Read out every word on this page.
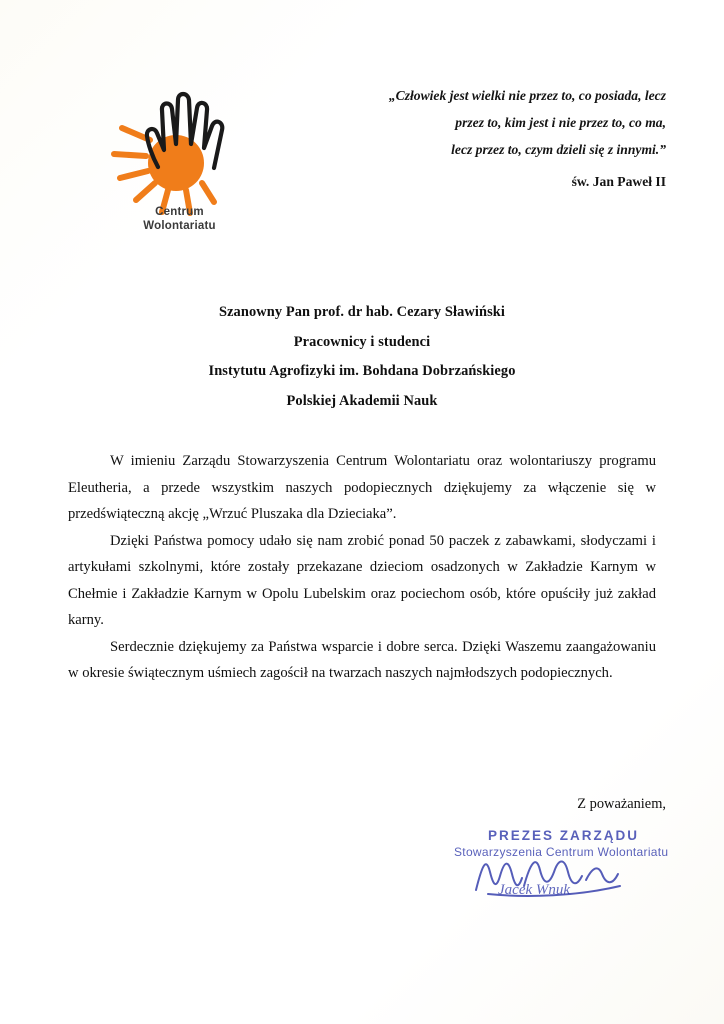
Centrum
Wolontariatu
„Człowiek jest wielki nie przez to, co posiada, lecz
przez to, kim jest i nie przez to, co ma,
lecz przez to, czym dzieli się z innymi.”
św. Jan Paweł II
Szanowny Pan prof. dr hab. Cezary Sławiński
Pracownicy i studenci
Instytutu Agrofizyki im. Bohdana Dobrzańskiego
Polskiej Akademii Nauk

W imieniu Zarządu Stowarzyszenia Centrum Wolontariatu oraz wolontariuszy programu Eleutheria, a przede wszystkim naszych podopiecznych dziękujemy za włączenie się w przedświąteczną akcję „Wrzuć Pluszaka dla Dzieciaka”.

Dzięki Państwa pomocy udało się nam zrobić ponad 50 paczek z zabawkami, słodyczami i artykułami szkolnymi, które zostały przekazane dzieciom osadzonych w Zakładzie Karnym w Chełmie i Zakładzie Karnym w Opolu Lubelskim oraz pociechom osób, które opuściły już zakład karny.

Serdecznie dziękujemy za Państwa wsparcie i dobre serca. Dzięki Waszemu zaangażowaniu w okresie świątecznym uśmiech zagościł na twarzach naszych najmłodszych podopiecznych.

Z poważaniem,
PREZES ZARZĄDU
Stowarzyszenia Centrum Wolontariatu
Jacek Wnuk
